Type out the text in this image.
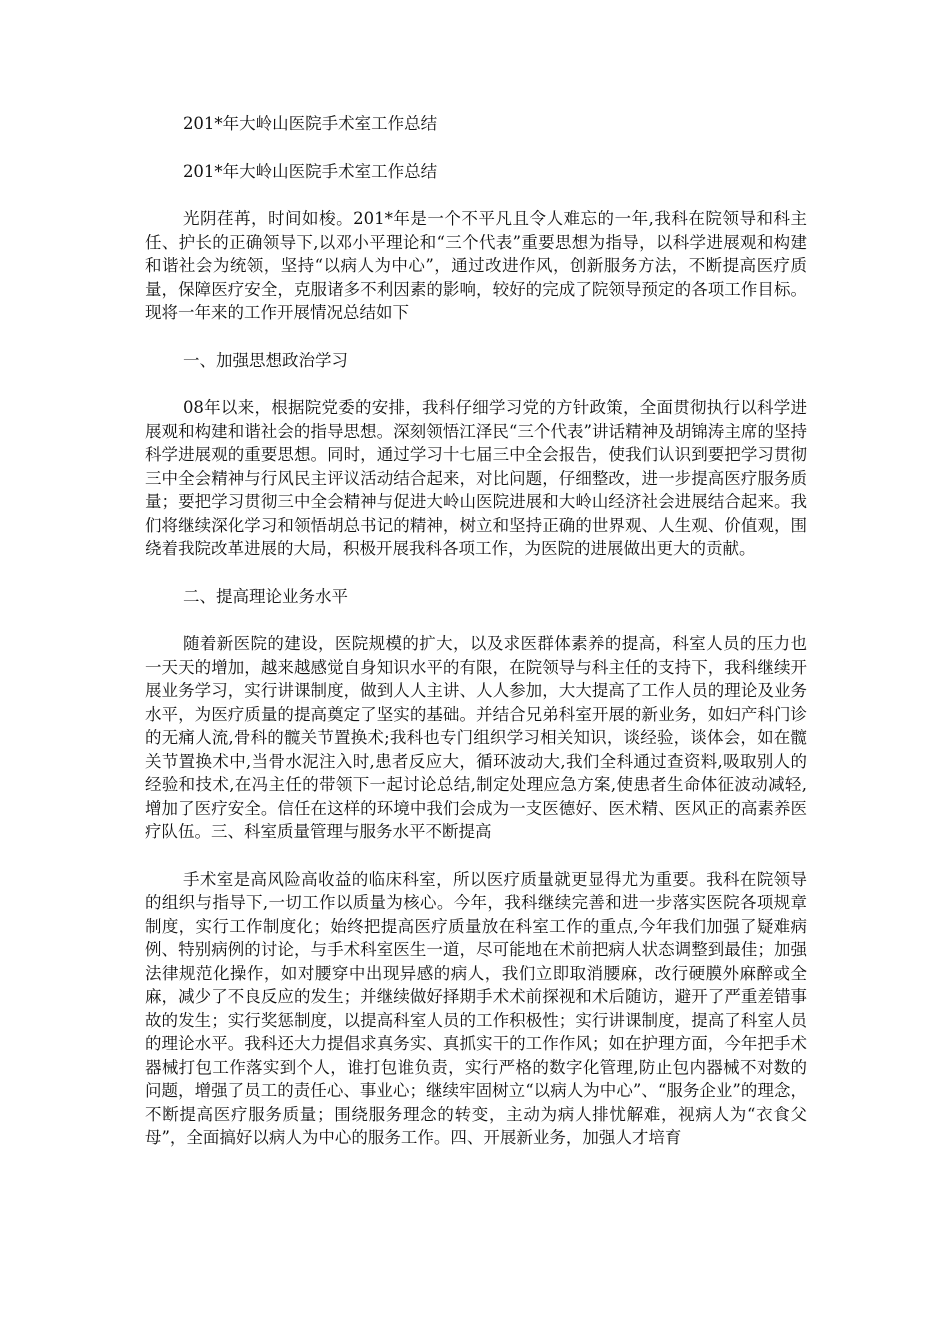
201*年大岭山医院手术室工作总结

201*年大岭山医院手术室工作总结

光阴荏苒，时间如梭。201*年是一个不平凡且令人难忘的一年,我科在院领导和科主任、护长的正确领导下,以邓小平理论和“三个代表”重要思想为指导，以科学进展观和构建和谐社会为统领，坚持“以病人为中心”，通过改进作风，创新服务方法，不断提高医疗质量，保障医疗安全，克服诸多不利因素的影响，较好的完成了院领导预定的各项工作目标。现将一年来的工作开展情况总结如下

一、加强思想政治学习

08年以来，根据院党委的安排，我科仔细学习党的方针政策，全面贯彻执行以科学进展观和构建和谐社会的指导思想。深刻领悟江泽民“三个代表”讲话精神及胡锦涛主席的坚持科学进展观的重要思想。同时，通过学习十七届三中全会报告，使我们认识到要把学习贯彻三中全会精神与行风民主评议活动结合起来，对比问题，仔细整改，进一步提高医疗服务质量；要把学习贯彻三中全会精神与促进大岭山医院进展和大岭山经济社会进展结合起来。我们将继续深化学习和领悟胡总书记的精神，树立和坚持正确的世界观、人生观、价值观，围绕着我院改革进展的大局，积极开展我科各项工作，为医院的进展做出更大的贡献。

二、提高理论业务水平

随着新医院的建设，医院规模的扩大，以及求医群体素养的提高，科室人员的压力也一天天的增加，越来越感觉自身知识水平的有限，在院领导与科主任的支持下，我科继续开展业务学习，实行讲课制度，做到人人主讲、人人参加，大大提高了工作人员的理论及业务水平，为医疗质量的提高奠定了坚实的基础。并结合兄弟科室开展的新业务，如妇产科门诊的无痛人流,骨科的髋关节置换术;我科也专门组织学习相关知识，谈经验，谈体会，如在髋关节置换术中,当骨水泥注入时,患者反应大，循环波动大,我们全科通过查资料,吸取别人的经验和技术,在冯主任的带领下一起讨论总结,制定处理应急方案,使患者生命体征波动减轻,增加了医疗安全。信任在这样的环境中我们会成为一支医德好、医术精、医风正的高素养医疗队伍。三、科室质量管理与服务水平不断提高

手术室是高风险高收益的临床科室，所以医疗质量就更显得尤为重要。我科在院领导的组织与指导下,一切工作以质量为核心。今年，我科继续完善和进一步落实医院各项规章制度，实行工作制度化；始终把提高医疗质量放在科室工作的重点,今年我们加强了疑难病例、特别病例的讨论，与手术科室医生一道，尽可能地在术前把病人状态调整到最佳；加强法律规范化操作，如对腰穿中出现异感的病人，我们立即取消腰麻，改行硬膜外麻醉或全麻，减少了不良反应的发生；并继续做好择期手术术前探视和术后随访，避开了严重差错事故的发生；实行奖惩制度，以提高科室人员的工作积极性；实行讲课制度，提高了科室人员的理论水平。我科还大力提倡求真务实、真抓实干的工作作风；如在护理方面，今年把手术器械打包工作落实到个人，谁打包谁负责，实行严格的数字化管理,防止包内器械不对数的问题，增强了员工的责任心、事业心；继续牢固树立“以病人为中心”、“服务企业”的理念，不断提高医疗服务质量；围绕服务理念的转变，主动为病人排忧解难，视病人为“衣食父母”，全面搞好以病人为中心的服务工作。四、开展新业务，加强人才培育
